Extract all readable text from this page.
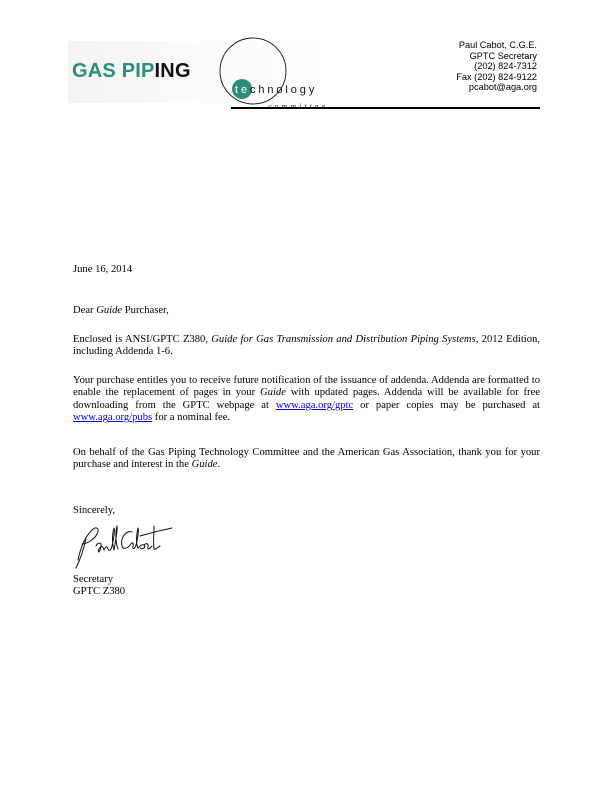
GAS PIPING
technology
Paul Cabot, C.G.E.
GPTC Secretary
(202) 824-7312
Fax (202) 824-9122
pcabot@aga.org
June 16, 2014
Dear Guide Purchaser,
Enclosed is ANSI/GPTC Z380, Guide for Gas Transmission and Distribution Piping Systems, 2012 Edition, including Addenda 1-6.
Your purchase entitles you to receive future notification of the issuance of addenda. Addenda are formatted to enable the replacement of pages in your Guide with updated pages. Addenda will be available for free downloading from the GPTC webpage at www.aga.org/gptc or paper copies may be purchased at www.aga.org/pubs for a nominal fee.
On behalf of the Gas Piping Technology Committee and the American Gas Association, thank you for your purchase and interest in the Guide.
Sincerely,
Secretary
GPTC Z380
